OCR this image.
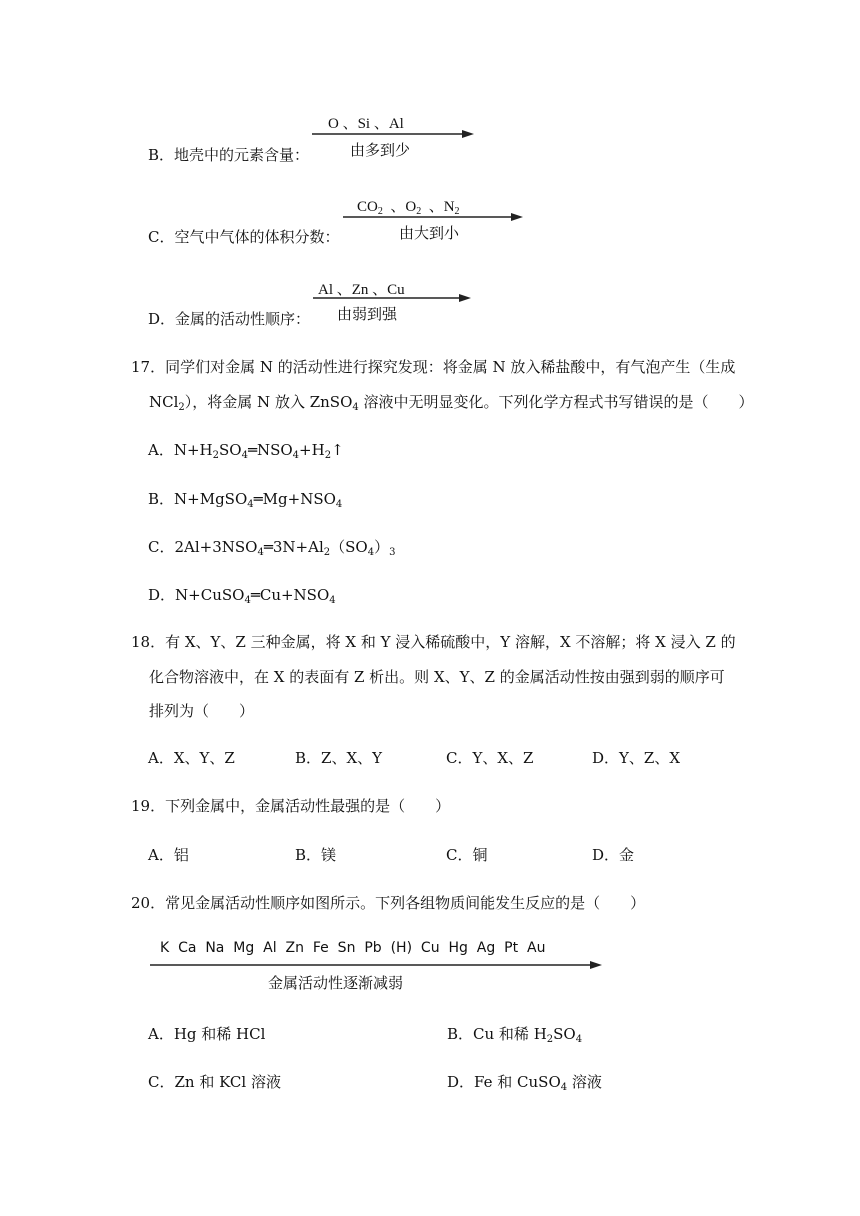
B．地壳中的元素含量：
O 、Si 、Al
由多到少
C．空气中气体的体积分数：
$CO_2$  、$O_2$  、$N_2$
由大到小
D．金属的活动性顺序：
Al 、Zn 、Cu
由弱到强
17．同学们对金属 N 的活动性进行探究发现：将金属 N 放入稀盐酸中，有气泡产生（生成
NCl$_2$），将金属 N 放入 ZnSO$_4$ 溶液中无明显变化。下列化学方程式书写错误的是（　　）
A．$N+H_2SO_4═NSO_4+H_2↑$
B．$N+MgSO_4═Mg+NSO_4$
C．$2Al+3NSO_4═3N+Al_2(SO_4)_3$
D．$N+CuSO_4═Cu+NSO_4$
18．有 X、Y、Z 三种金属，将 X 和 Y 浸入稀硫酸中，Y 溶解，X 不溶解；将 X 浸入 Z 的
化合物溶液中，在 X 的表面有 Z 析出。则 X、Y、Z 的金属活动性按由强到弱的顺序可
排列为（　　）
A．X、Y、Z	B．Z、X、Y	C．Y、X、Z	D．Y、Z、X
19．下列金属中，金属活动性最强的是（　　）
A．铝	B．镁	C．铜	D．金
20．常见金属活动性顺序如图所示。下列各组物质间能发生反应的是（　　）
K  Ca  Na  Mg  Al  Zn  Fe  Sn  Pb  (H)  Cu  Hg  Ag  Pt  Au
金属活动性逐渐减弱
A．Hg 和稀 HCl	B．Cu 和稀 $H_2SO_4$
C．Zn 和 KCl 溶液	D．Fe 和 CuSO$_4$ 溶液
